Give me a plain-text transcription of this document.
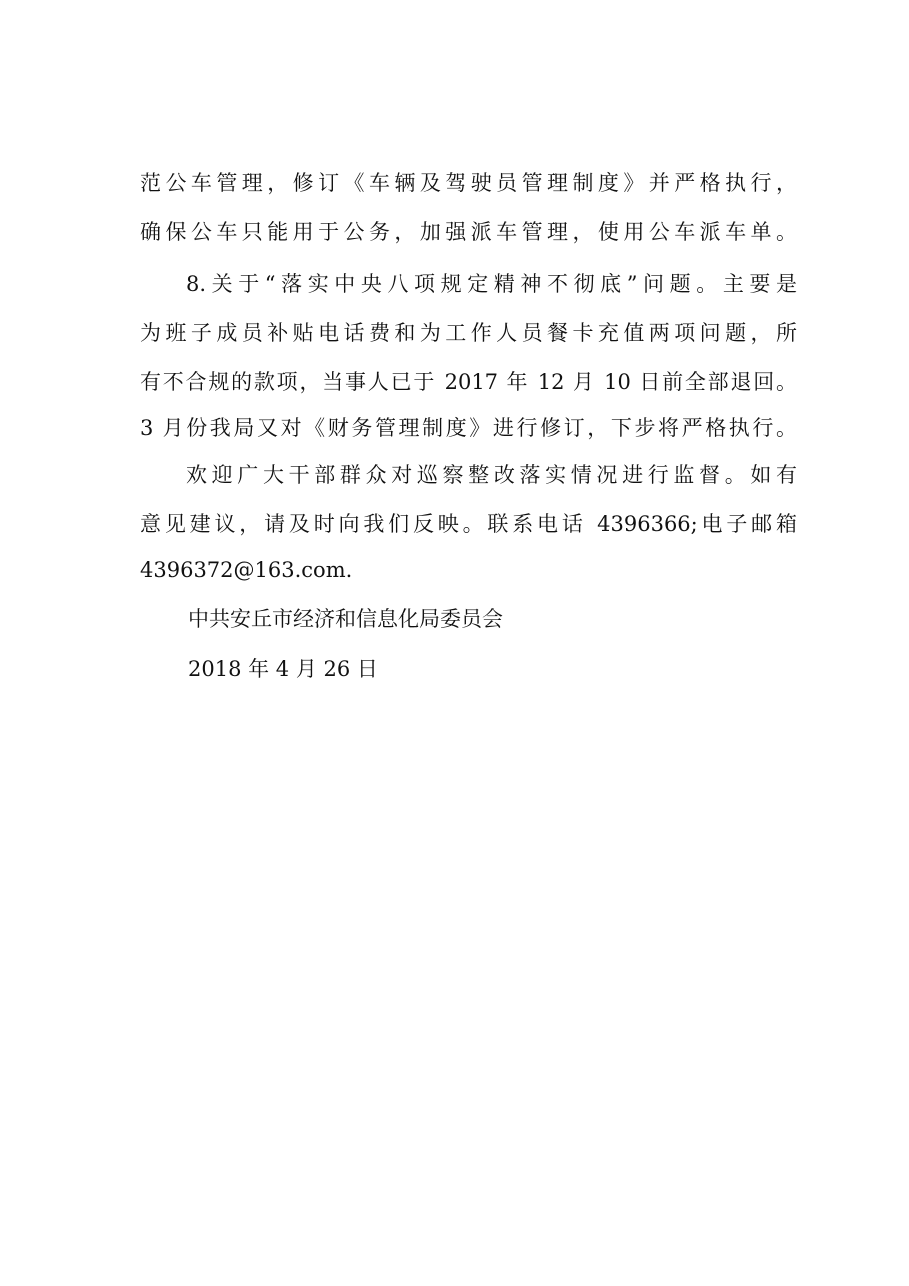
范公车管理，修订《车辆及驾驶员管理制度》并严格执行，

确保公车只能用于公务，加强派车管理，使用公车派车单。

8.关于“落实中央八项规定精神不彻底”问题。主要是

为班子成员补贴电话费和为工作人员餐卡充值两项问题，所

有不合规的款项，当事人已于 2017 年 12 月 10 日前全部退回。

3 月份我局又对《财务管理制度》进行修订，下步将严格执行。

欢迎广大干部群众对巡察整改落实情况进行监督。如有

意见建议，请及时向我们反映。联系电话 4396366;电子邮箱

4396372@163.com.

中共安丘市经济和信息化局委员会

2018 年 4 月 26 日
